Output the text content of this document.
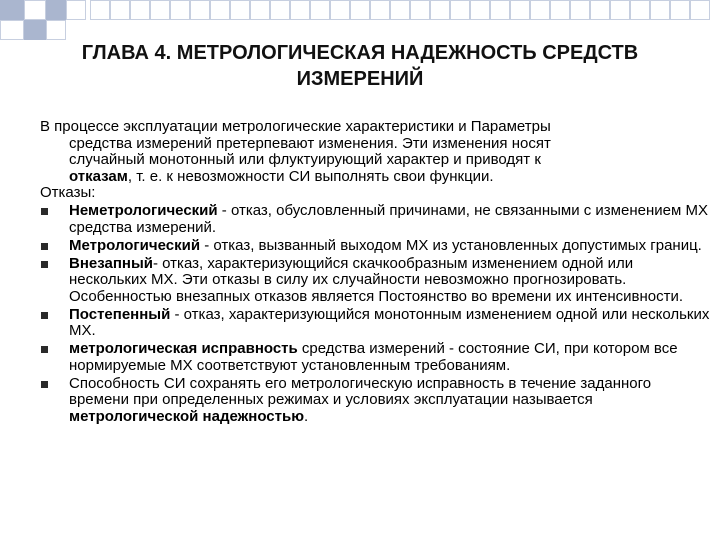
ГЛАВА 4. МЕТРОЛОГИЧЕСКАЯ НАДЕЖНОСТЬ СРЕДСТВ
ИЗМЕРЕНИЙ
В процессе эксплуатации метрологические характеристики и Параметры
средства измерений претерпевают изменения. Эти изменения носят
случайный монотонный или флуктуирующий характер и приводят к
отказам, т. е. к невозможности СИ выполнять свои функции.
Отказы:
Неметрологический - отказ, обусловленный причинами, не связанными с изменением МХ средства измерений.
Метрологический - отказ, вызванный выходом МХ из установленных допустимых границ.
Внезапный- отказ, характеризующийся скачкообразным изменением одной или нескольких МХ. Эти отказы в силу их случайности невозможно прогнозировать. Особенностью внезапных отказов является Постоянство во времени их интенсивности.
Постепенный - отказ, характеризующийся монотонным изменением одной или нескольких МХ.
метрологическая исправность средства измерений - состояние СИ, при котором все нормируемые МХ соответствуют установленным требованиям.
Способность СИ сохранять его метрологическую исправность в течение заданного времени при определенных режимах и условиях эксплуатации называется метрологической надежностью.
